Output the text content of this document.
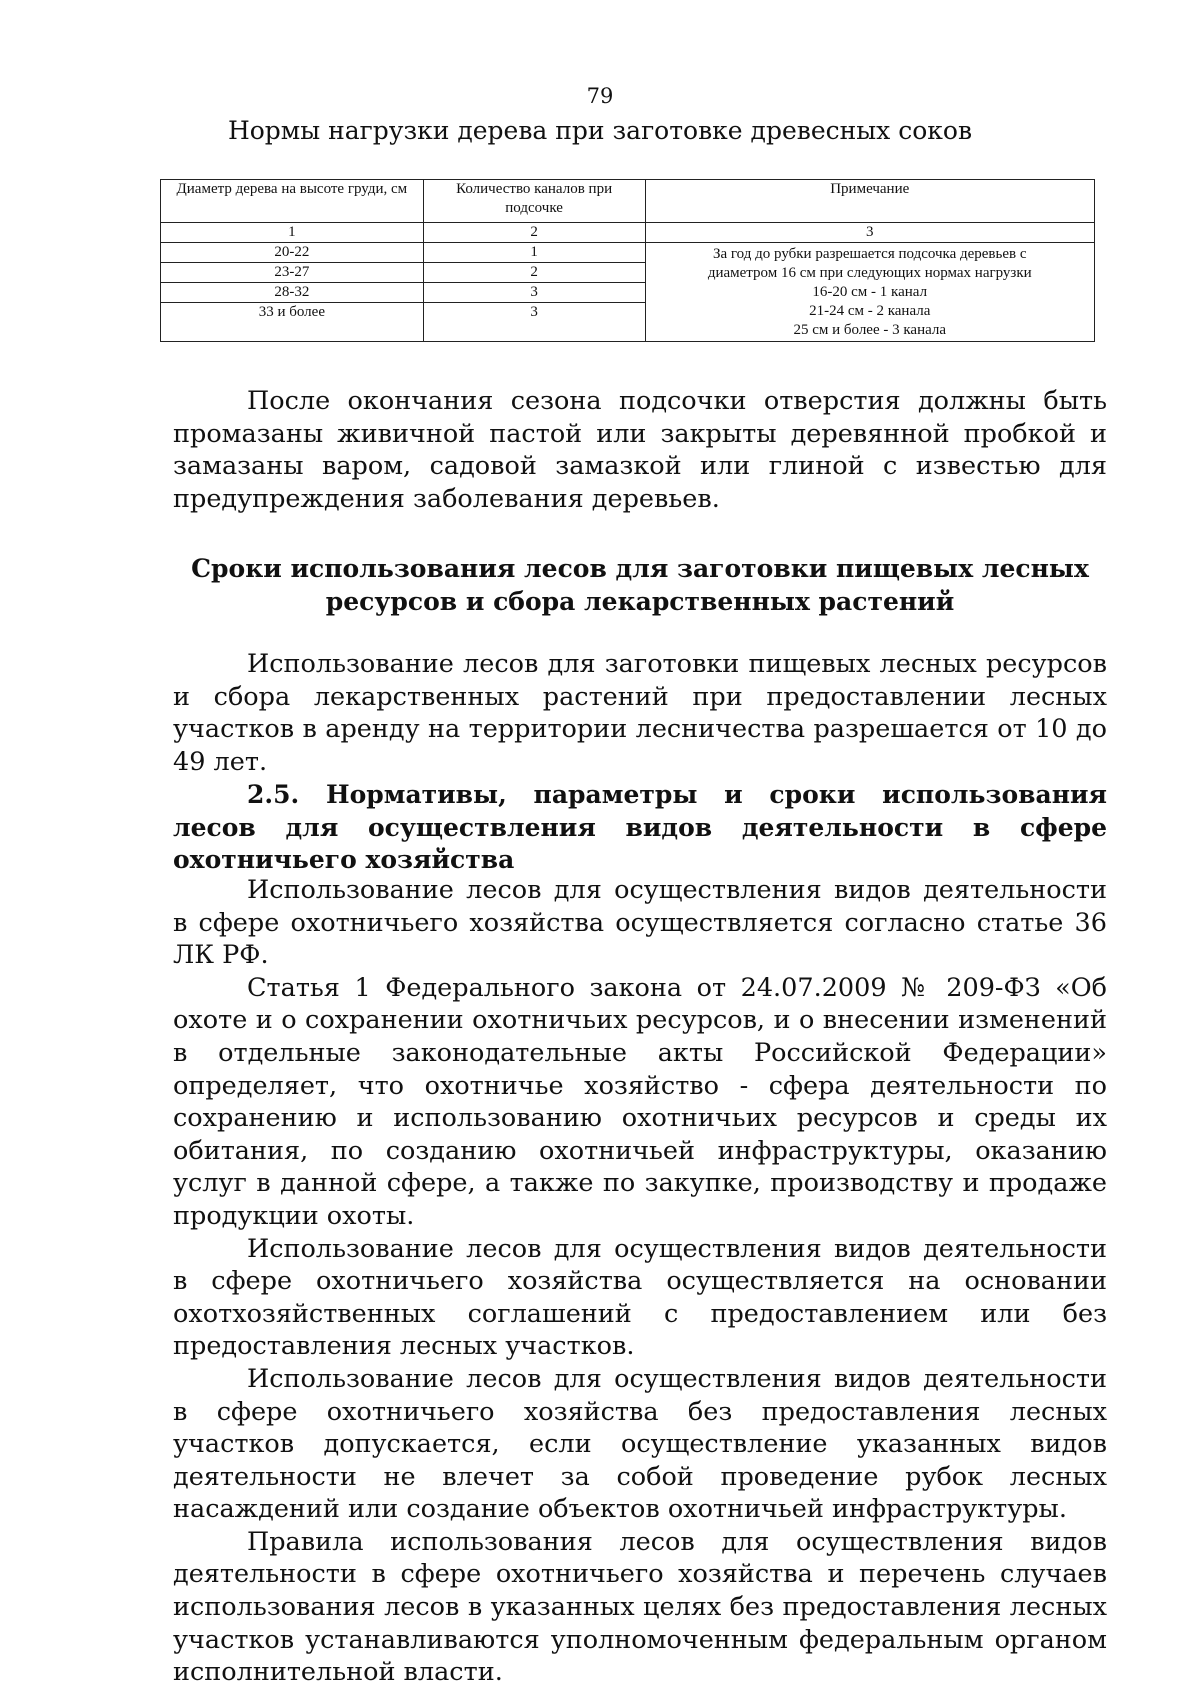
79
Нормы нагрузки дерева при заготовке древесных соков
Диаметр дерева на высоте груди, см	Количество каналов при подсочке	Примечание
1	2	3
20-22	1	За год до рубки разрешается подсочка деревьев с
диаметром 16 см при следующих нормах нагрузки
16-20 см - 1 канал
21-24 см - 2 канала
25 см и более - 3 канала

23-27	2	
28-32	3	
33 и более	3	

После окончания сезона подсочки отверстия должны быть промазаны живичной пастой или закрыты деревянной пробкой и замазаны варом, садовой замазкой или глиной с известью для предупреждения заболевания деревьев.

Сроки использования лесов для заготовки пищевых лесных ресурсов и сбора лекарственных растений

Использование лесов для заготовки пищевых лесных ресурсов и сбора лекарственных растений при предоставлении лесных участков в аренду на территории лесничества разрешается от 10 до 49 лет.

2.5. Нормативы, параметры и сроки использования лесов для осуществления видов деятельности в сфере охотничьего хозяйства

Использование лесов для осуществления видов деятельности в сфере охотничьего хозяйства осуществляется согласно статье 36 ЛК РФ.

Статья 1 Федерального закона от 24.07.2009 № 209-ФЗ «Об охоте и о сохранении охотничьих ресурсов, и о внесении изменений в отдельные законодательные акты Российской Федерации» определяет, что охотничье хозяйство - сфера деятельности по сохранению и использованию охотничьих ресурсов и среды их обитания, по созданию охотничьей инфраструктуры, оказанию услуг в данной сфере, а также по закупке, производству и продаже продукции охоты.

Использование лесов для осуществления видов деятельности в сфере охотничьего хозяйства осуществляется на основании охотхозяйственных соглашений с предоставлением или без предоставления лесных участков.

Использование лесов для осуществления видов деятельности в сфере охотничьего хозяйства без предоставления лесных участков допускается, если осуществление указанных видов деятельности не влечет за собой проведение рубок лесных насаждений или создание объектов охотничьей инфраструктуры.

Правила использования лесов для осуществления видов деятельности в сфере охотничьего хозяйства и перечень случаев использования лесов в указанных целях без предоставления лесных участков устанавливаются уполномоченным федеральным органом исполнительной власти.
